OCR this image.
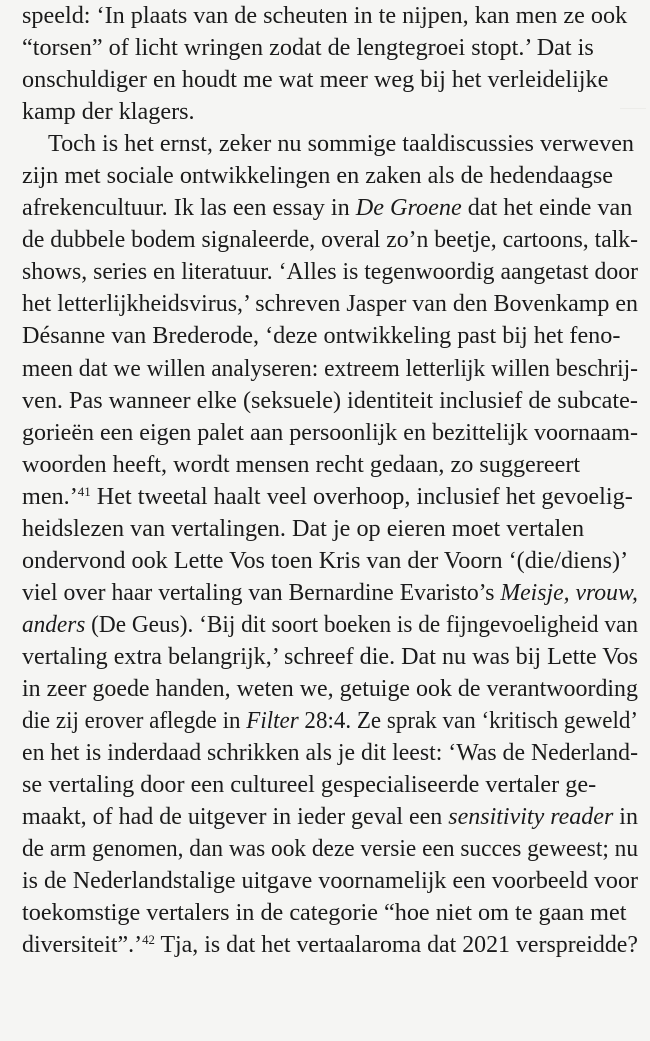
speeld: ‘In plaats van de scheuten in te nijpen, kan men ze ook
“torsen” of licht wringen zodat de lengtegroei stopt.’ Dat is
onschuldiger en houdt me wat meer weg bij het verleidelijke
kamp der klagers.
Toch is het ernst, zeker nu sommige taaldiscussies verweven
zijn met sociale ontwikkelingen en zaken als de hedendaagse
afrekencultuur. Ik las een essay in De Groene dat het einde van
de dubbele bodem signaleerde, overal zo’n beetje, cartoons, talk-
shows, series en literatuur. ‘Alles is tegenwoordig aangetast door
het letterlijkheidsvirus,’ schreven Jasper van den Bovenkamp en
Désanne van Brederode, ‘deze ontwikkeling past bij het feno-
meen dat we willen analyseren: extreem letterlijk willen beschrij-
ven. Pas wanneer elke (seksuele) identiteit inclusief de subcate-
gorieën een eigen palet aan persoonlijk en bezittelijk voornaam-
woorden heeft, wordt mensen recht gedaan, zo suggereert
men.’$^{41}$ Het tweetal haalt veel overhoop, inclusief het gevoelig-
heidslezen van vertalingen. Dat je op eieren moet vertalen
ondervond ook Lette Vos toen Kris van der Voorn ‘(die/diens)’
viel over haar vertaling van Bernardine Evaristo’s Meisje, vrouw,
anders (De Geus). ‘Bij dit soort boeken is de fijngevoeligheid van
vertaling extra belangrijk,’ schreef die. Dat nu was bij Lette Vos
in zeer goede handen, weten we, getuige ook de verantwoording
die zij erover aflegde in Filter 28:4. Ze sprak van ‘kritisch geweld’
en het is inderdaad schrikken als je dit leest: ‘Was de Nederland-
se vertaling door een cultureel gespecialiseerde vertaler ge-
maakt, of had de uitgever in ieder geval een sensitivity reader in
de arm genomen, dan was ook deze versie een succes geweest; nu
is de Nederlandstalige uitgave voornamelijk een voorbeeld voor
toekomstige vertalers in de categorie “hoe niet om te gaan met
diversiteit”.’$^{42}$ Tja, is dat het vertaalaroma dat 2021 verspreidde?
